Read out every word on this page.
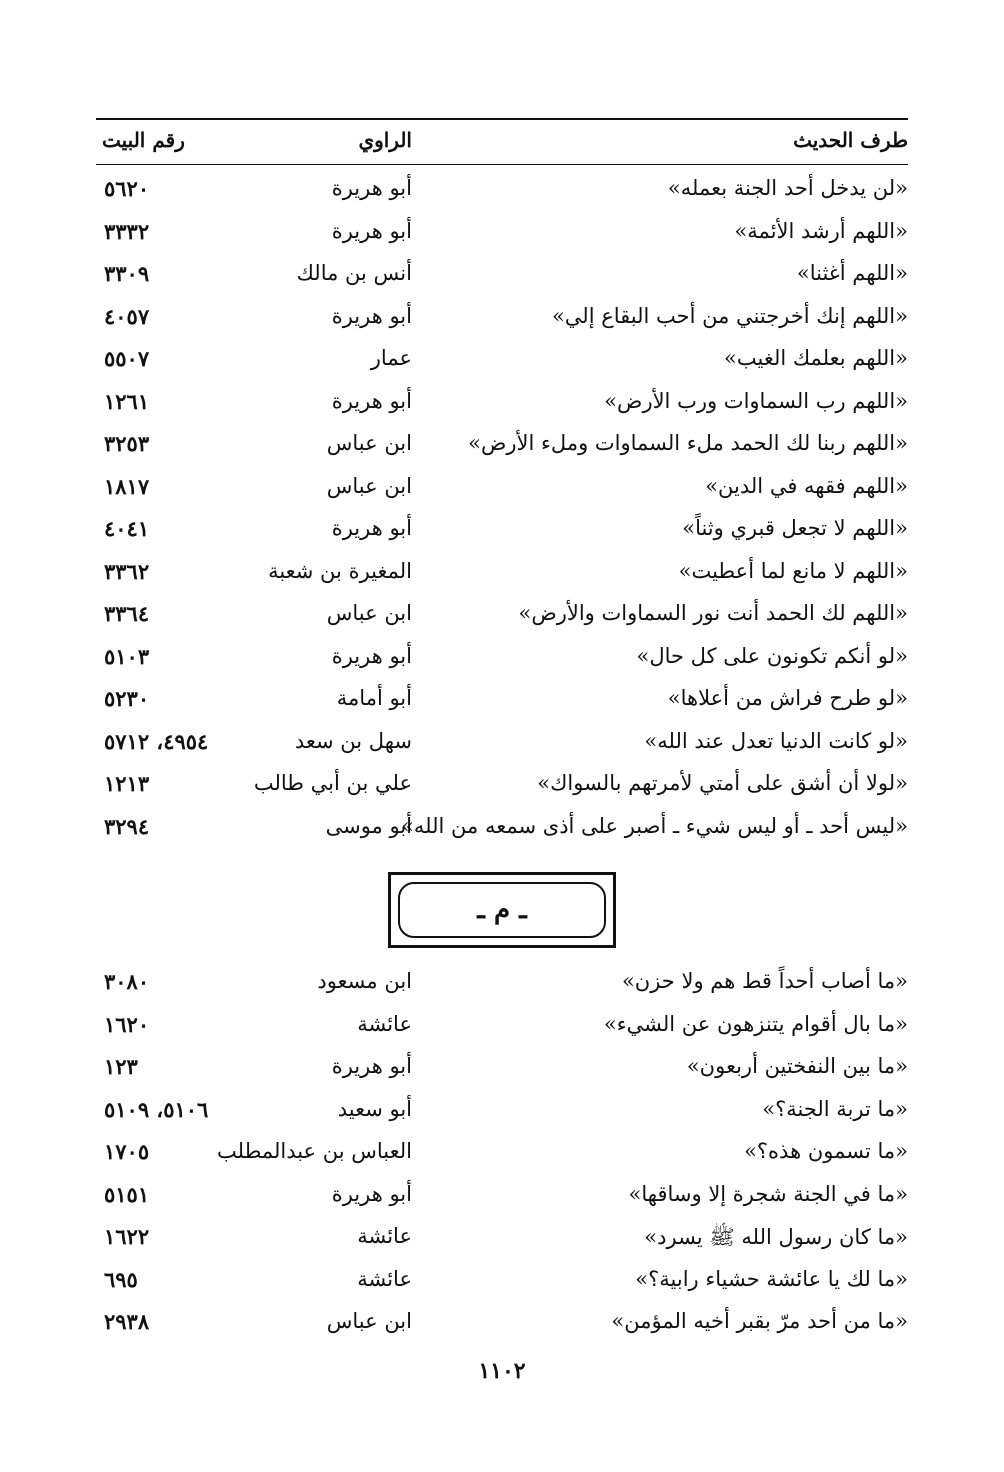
طرف الحديث
الراوي
رقم البيت
«لن يدخل أحد الجنة بعمله»
أبو هريرة
٥٦٢٠
«اللهم أرشد الأئمة»
أبو هريرة
٣٣٣٢
«اللهم أغثنا»
أنس بن مالك
٣٣٠٩
«اللهم إنك أخرجتني من أحب البقاع إلي»
أبو هريرة
٤٠٥٧
«اللهم بعلمك الغيب»
عمار
٥٥٠٧
«اللهم رب السماوات ورب الأرض»
أبو هريرة
١٢٦١
«اللهم ربنا لك الحمد ملء السماوات وملء الأرض»
ابن عباس
٣٢٥٣
«اللهم فقهه في الدين»
ابن عباس
١٨١٧
«اللهم لا تجعل قبري وثناً»
أبو هريرة
٤٠٤١
«اللهم لا مانع لما أعطيت»
المغيرة بن شعبة
٣٣٦٢
«اللهم لك الحمد أنت نور السماوات والأرض»
ابن عباس
٣٣٦٤
«لو أنكم تكونون على كل حال»
أبو هريرة
٥١٠٣
«لو طرح فراش من أعلاها»
أبو أمامة
٥٢٣٠
«لو كانت الدنيا تعدل عند الله»
سهل بن سعد
٤٩٥٤، ٥٧١٢
«لولا أن أشق على أمتي لأمرتهم بالسواك»
علي بن أبي طالب
١٢١٣
«ليس أحد ـ أو ليس شيء ـ أصبر على أذى سمعه من الله»
أبو موسى
٣٢٩٤
ـ م ـ
«ما أصاب أحداً قط هم ولا حزن»
ابن مسعود
٣٠٨٠
«ما بال أقوام يتنزهون عن الشيء»
عائشة
١٦٢٠
«ما بين النفختين أربعون»
أبو هريرة
١٢٣
«ما تربة الجنة؟»
أبو سعيد
٥١٠٦، ٥١٠٩
«ما تسمون هذه؟»
العباس بن عبدالمطلب
١٧٠٥
«ما في الجنة شجرة إلا وساقها»
أبو هريرة
٥١٥١
«ما كان رسول الله ﷺ يسرد»
عائشة
١٦٢٢
«ما لك يا عائشة حشياء رابية؟»
عائشة
٦٩٥
«ما من أحد مرّ بقبر أخيه المؤمن»
ابن عباس
٢٩٣٨
١١٠٢
